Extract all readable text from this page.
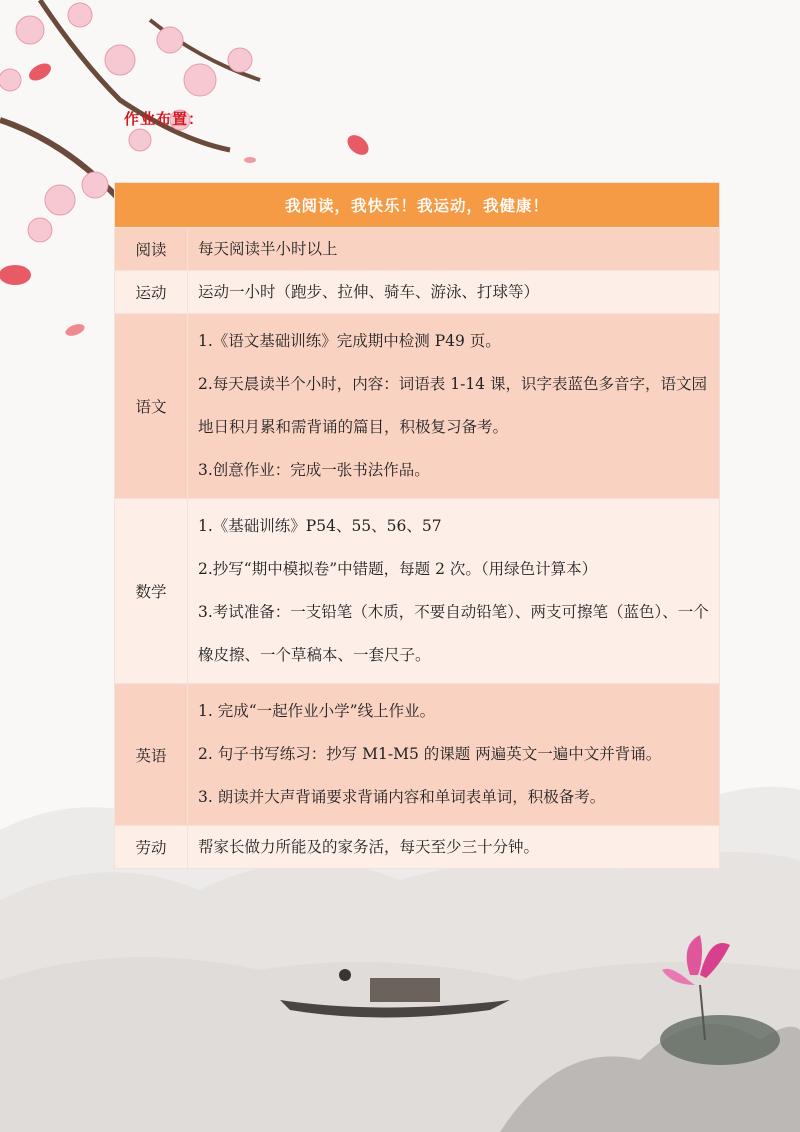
作业布置：
我阅读，我快乐！我运动，我健康！	
阅读	每天阅读半小时以上

运动	运动一小时（跑步、拉伸、骑车、游泳、打球等）

语文	1.《语文基础训练》完成期中检测 P49 页。

2.每天晨读半个小时，内容：词语表 1-14 课，识字表蓝色多音字，语文园地日积月累和需背诵的篇目，积极复习备考。

3.创意作业：完成一张书法作品。

数学	1.《基础训练》P54、55、56、57

2.抄写“期中模拟卷”中错题，每题 2 次。（用绿色计算本）

3.考试准备：一支铅笔（木质，不要自动铅笔）、两支可擦笔（蓝色）、一个橡皮擦、一个草稿本、一套尺子。

英语	1. 完成“一起作业小学”线上作业。

2. 句子书写练习：抄写 M1-M5 的课题 两遍英文一遍中文并背诵。

3. 朗读并大声背诵要求背诵内容和单词表单词，积极备考。

劳动	帮家长做力所能及的家务活，每天至少三十分钟。
